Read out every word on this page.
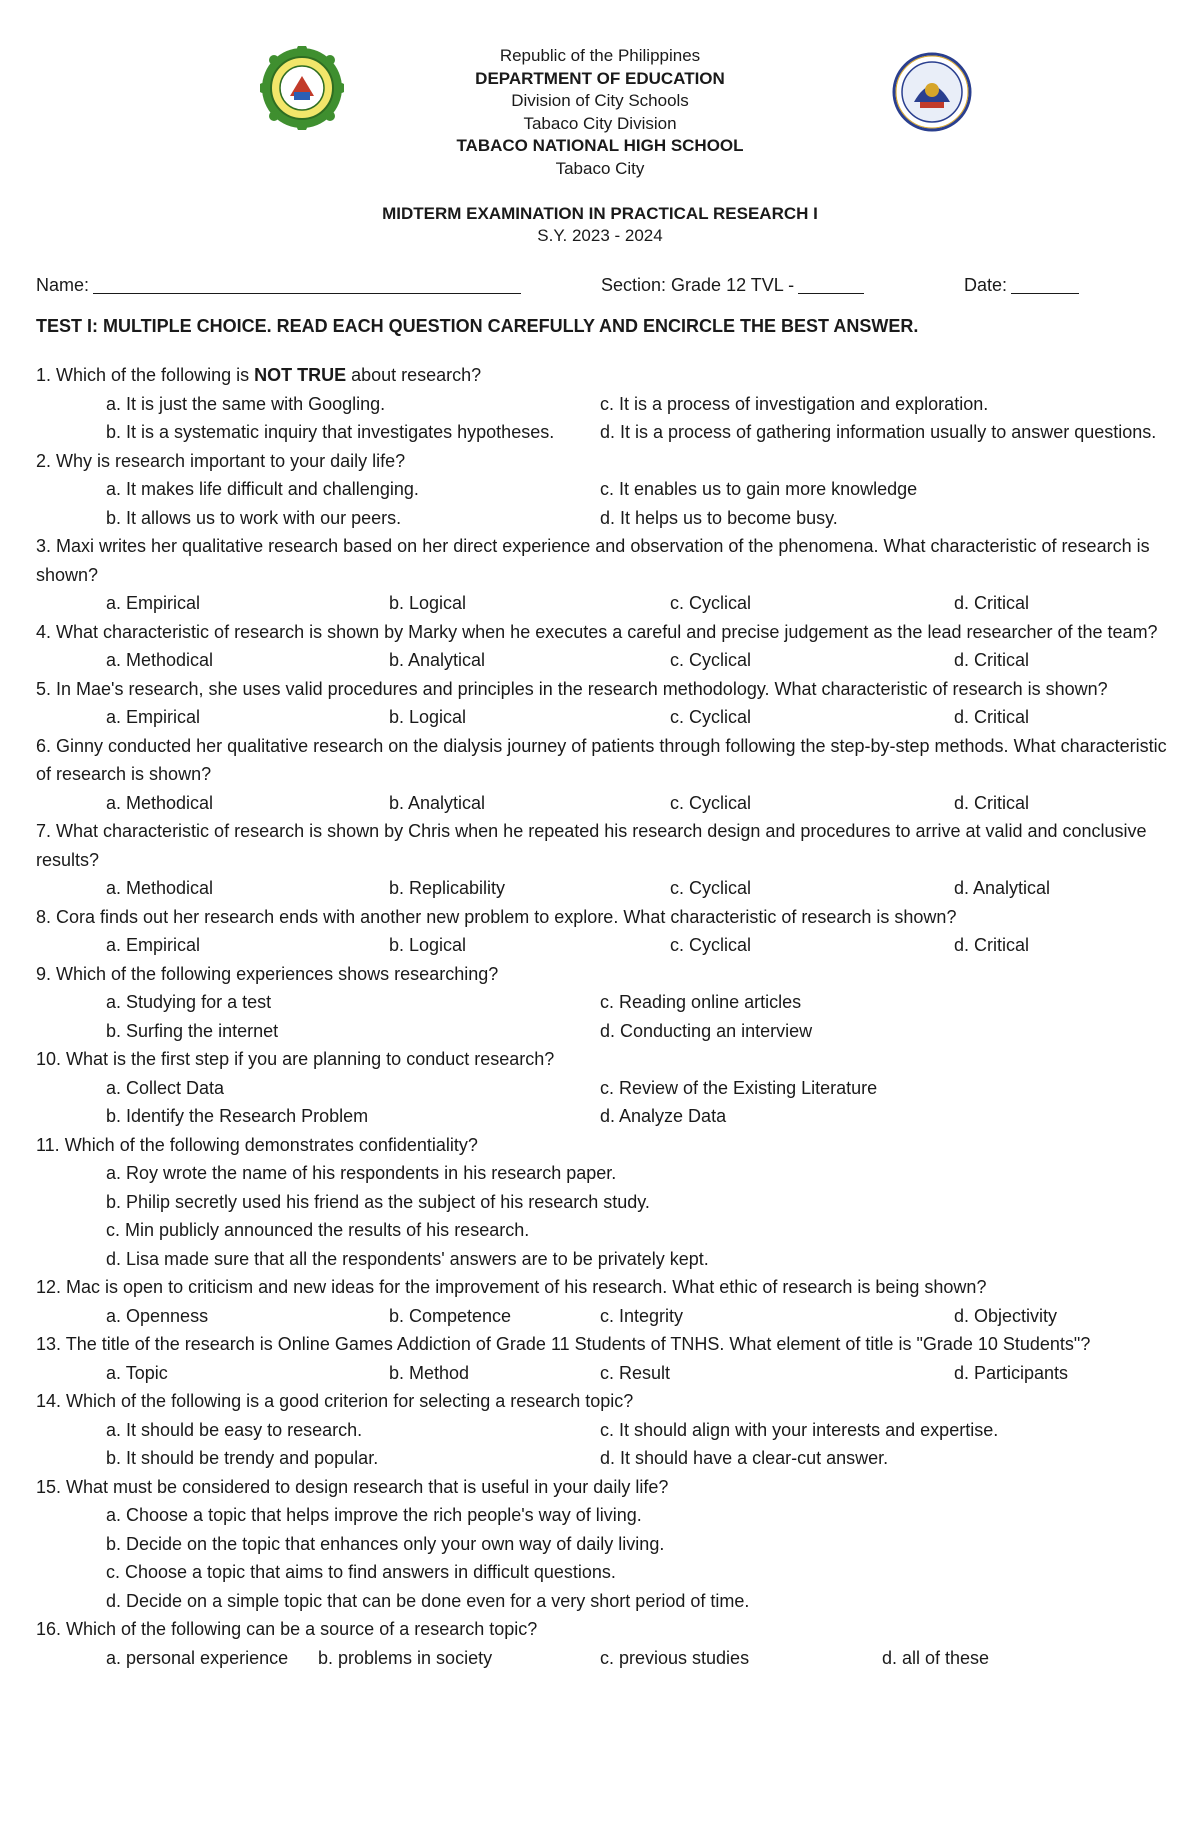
Republic of the Philippines
DEPARTMENT OF EDUCATION
Division of City Schools
Tabaco City Division
TABACO NATIONAL HIGH SCHOOL
Tabaco City
MIDTERM EXAMINATION IN PRACTICAL RESEARCH I
S.Y. 2023 - 2024
Name:	Section: Grade 12 TVL -	Date:
TEST I: MULTIPLE CHOICE. READ EACH QUESTION CAREFULLY AND ENCIRCLE THE BEST ANSWER.
1. Which of the following is NOT TRUE about research?
a. It is just the same with Googling.	c. It is a process of investigation and exploration.
b. It is a systematic inquiry that investigates hypotheses.	d. It is a process of gathering information usually to answer questions.
2. Why is research important to your daily life?
a. It makes life difficult and challenging.	c. It enables us to gain more knowledge
b. It allows us to work with our peers.	d. It helps us to become busy.
3. Maxi writes her qualitative research based on her direct experience and observation of the phenomena. What characteristic of research is shown?
a. Empirical	b. Logical	c. Cyclical	d. Critical
4. What characteristic of research is shown by Marky when he executes a careful and precise judgement as the lead researcher of the team?
a. Methodical	b. Analytical	c. Cyclical	d. Critical
5. In Mae's research, she uses valid procedures and principles in the research methodology. What characteristic of research is shown?
a. Empirical	b. Logical	c. Cyclical	d. Critical
6. Ginny conducted her qualitative research on the dialysis journey of patients through following the step-by-step methods. What characteristic of research is shown?
a. Methodical	b. Analytical	c. Cyclical	d. Critical
7. What characteristic of research is shown by Chris when he repeated his research design and procedures to arrive at valid and conclusive results?
a. Methodical	b. Replicability	c. Cyclical	d. Analytical
8. Cora finds out her research ends with another new problem to explore. What characteristic of research is shown?
a. Empirical	b. Logical	c. Cyclical	d. Critical
9. Which of the following experiences shows researching?
a. Studying for a test	c. Reading online articles
b. Surfing the internet	d. Conducting an interview
10. What is the first step if you are planning to conduct research?
a. Collect Data	c. Review of the Existing Literature
b. Identify the Research Problem	d. Analyze Data
11. Which of the following demonstrates confidentiality?
a. Roy wrote the name of his respondents in his research paper.
b. Philip secretly used his friend as the subject of his research study.
c. Min publicly announced the results of his research.
d. Lisa made sure that all the respondents' answers are to be privately kept.
12. Mac is open to criticism and new ideas for the improvement of his research. What ethic of research is being shown?
a. Openness	b. Competence	c. Integrity	d. Objectivity
13. The title of the research is Online Games Addiction of Grade 11 Students of TNHS. What element of title is "Grade 10 Students"?
a. Topic	b. Method	c. Result	d. Participants
14. Which of the following is a good criterion for selecting a research topic?
a. It should be easy to research.	c. It should align with your interests and expertise.
b. It should be trendy and popular.	d. It should have a clear-cut answer.
15. What must be considered to design research that is useful in your daily life?
a. Choose a topic that helps improve the rich people's way of living.
b. Decide on the topic that enhances only your own way of daily living.
c. Choose a topic that aims to find answers in difficult questions.
d. Decide on a simple topic that can be done even for a very short period of time.
16. Which of the following can be a source of a research topic?
a. personal experience b. problems in society	c. previous studies	d. all of these
